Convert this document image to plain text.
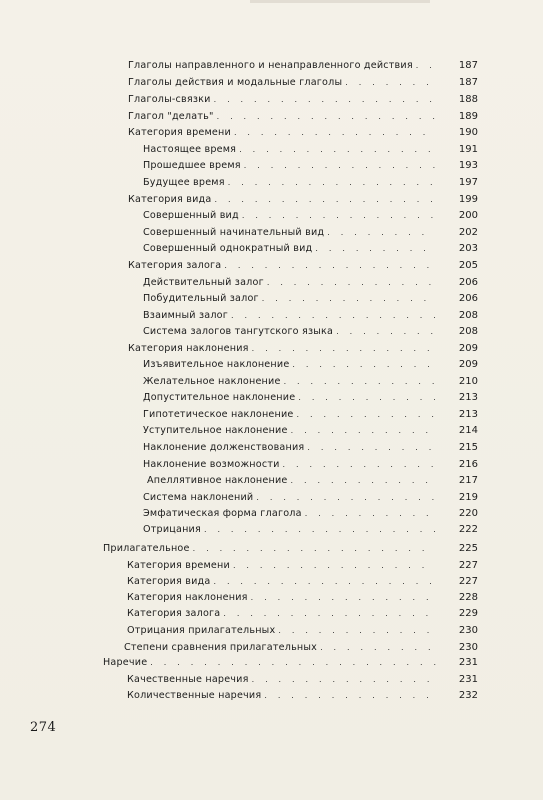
Глаголы направленного и ненаправленного действия . . .	187
Глаголы действия и модальные глаголы . . .	187
Глаголы-связки . . .	188
Глагол "делать" . . .	189
Категория времени . . .	190
Настоящее время . . .	191
Прошедшее время . . .	193
Будущее время . . .	197
Категория вида . . .	199
Совершенный вид . . .	200
Совершенный начинательный вид . . .	202
Совершенный однократный вид . . .	203
Категория залога . . .	205
Действительный залог . . .	206
Побудительный залог . . .	206
Взаимный залог . . .	208
Система залогов тангутского языка . . .	208
Категория наклонения . . .	209
Изъявительное наклонение . . .	209
Желательное наклонение . . .	210
Допустительное наклонение . . .	213
Гипотетическое наклонение . . .	213
Уступительное наклонение . . .	214
Наклонение долженствования . . .	215
Наклонение возможности . . .	216
Апеллятивное наклонение . . .	217
Система наклонений . . .	219
Эмфатическая форма глагола . . .	220
Отрицания . . .	222
Прилагательное . . .	225
Категория времени . . .	227
Категория вида . . .	227
Категория наклонения . . .	228
Категория залога . . .	229
Отрицания прилагательных . . .	230
Степени сравнения прилагательных . . .	230
Наречие . . .	231
Качественные наречия . . .	231
Количественные наречия . . .	232
274
